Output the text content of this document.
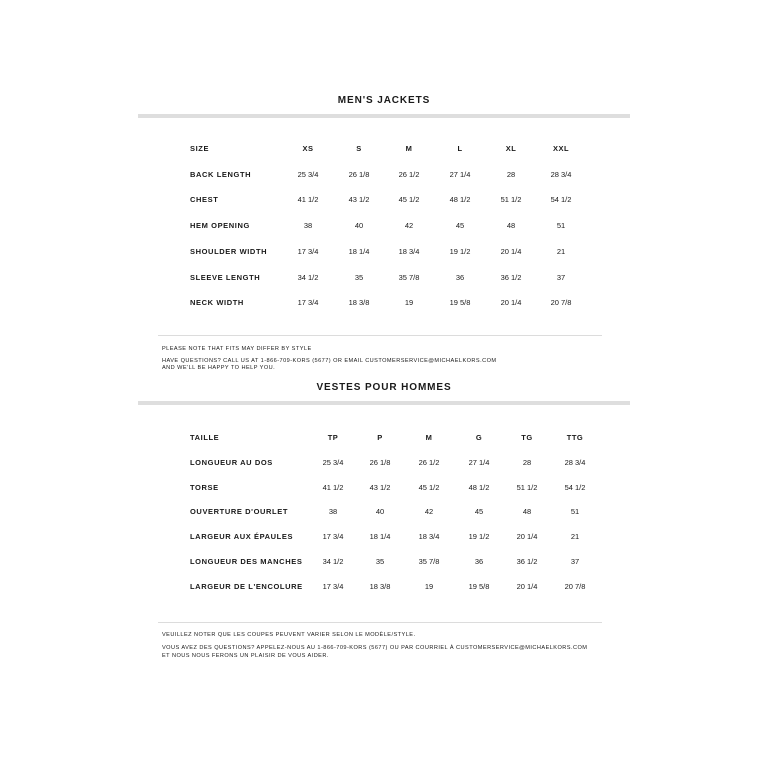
MEN'S JACKETS
SIZE	XS	S	M	L	XL	XXL
BACK LENGTH	25 3/4	26 1/8	26 1/2	27 1/4	28	28 3/4
CHEST	41 1/2	43 1/2	45 1/2	48 1/2	51 1/2	54 1/2
HEM OPENING	38	40	42	45	48	51
SHOULDER WIDTH	17 3/4	18 1/4	18 3/4	19 1/2	20 1/4	21
SLEEVE LENGTH	34 1/2	35	35 7/8	36	36 1/2	37
NECK WIDTH	17 3/4	18 3/8	19	19 5/8	20 1/4	20 7/8
PLEASE NOTE THAT FITS MAY DIFFER BY STYLE
HAVE QUESTIONS? CALL US AT 1-866-709-KORS (5677) OR EMAIL CUSTOMERSERVICE@MICHAELKORS.COM
AND WE'LL BE HAPPY TO HELP YOU.
VESTES POUR HOMMES
TAILLE	TP	P	M	G	TG	TTG
LONGUEUR AU DOS	25 3/4	26 1/8	26 1/2	27 1/4	28	28 3/4
TORSE	41 1/2	43 1/2	45 1/2	48 1/2	51 1/2	54 1/2
OUVERTURE D'OURLET	38	40	42	45	48	51
LARGEUR AUX ÉPAULES	17 3/4	18 1/4	18 3/4	19 1/2	20 1/4	21
LONGUEUR DES MANCHES	34 1/2	35	35 7/8	36	36 1/2	37
LARGEUR DE L'ENCOLURE	17 3/4	18 3/8	19	19 5/8	20 1/4	20 7/8
VEUILLEZ NOTER QUE LES COUPES PEUVENT VARIER SELON LE MODÈLE/STYLE.
VOUS AVEZ DES QUESTIONS? APPELEZ-NOUS AU 1-866-709-KORS (5677) OU PAR COURRIEL À CUSTOMERSERVICE@MICHAELKORS.COM
ET NOUS NOUS FERONS UN PLAISIR DE VOUS AIDER.
